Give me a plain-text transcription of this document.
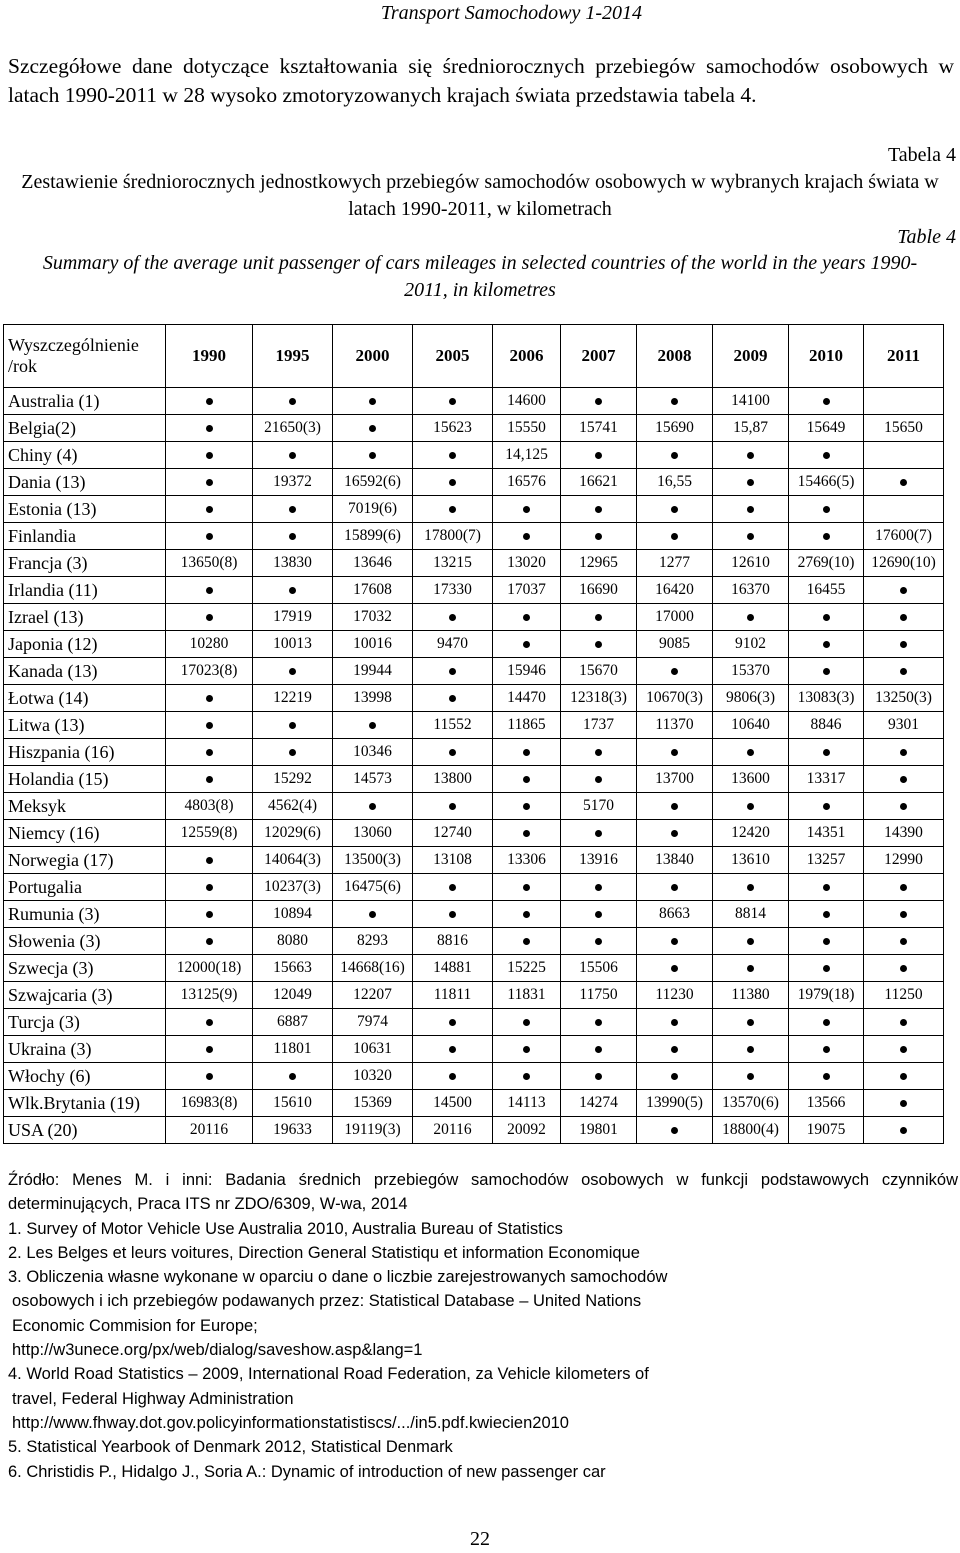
Transport Samochodowy 1-2014
Szczegółowe dane dotyczące kształtowania się średniorocznych przebiegów samochodów osobowych w latach 1990-2011 w 28 wysoko zmotoryzowanych krajach świata przedstawia tabela 4.
Tabela 4
Zestawienie średniorocznych jednostkowych przebiegów samochodów osobowych w wybranych krajach świata w latach 1990-2011, w kilometrach
Table 4
Summary of the average unit passenger of cars mileages in selected countries of the world in the years 1990-2011, in kilometres
Wyszczególnienie /rok	1990	1995	2000	2005	2006	2007	2008	2009	2010	2011
Australia (1)					14600			14100		
Belgia(2)		21650(3)		15623	15550	15741	15690	15,87	15649	15650
Chiny (4)					14,125					
Dania (13)		19372	16592(6)		16576	16621	16,55		15466(5)	
Estonia (13)			7019(6)							
Finlandia			15899(6)	17800(7)						17600(7)
Francja (3)	13650(8)	13830	13646	13215	13020	12965	1277	12610	2769(10)	12690(10)
Irlandia (11)			17608	17330	17037	16690	16420	16370	16455	
Izrael (13)		17919	17032				17000			
Japonia (12)	10280	10013	10016	9470			9085	9102		
Kanada (13)	17023(8)		19944		15946	15670		15370		
Łotwa (14)		12219	13998		14470	12318(3)	10670(3)	9806(3)	13083(3)	13250(3)
Litwa (13)				11552	11865	1737	11370	10640	8846	9301
Hiszpania (16)			10346							
Holandia (15)		15292	14573	13800			13700	13600	13317	
Meksyk	4803(8)	4562(4)				5170				
Niemcy (16)	12559(8)	12029(6)	13060	12740				12420	14351	14390
Norwegia (17)		14064(3)	13500(3)	13108	13306	13916	13840	13610	13257	12990
Portugalia		10237(3)	16475(6)							
Rumunia (3)		10894					8663	8814		
Słowenia (3)		8080	8293	8816						
Szwecja (3)	12000(18)	15663	14668(16)	14881	15225	15506				
Szwajcaria (3)	13125(9)	12049	12207	11811	11831	11750	11230	11380	1979(18)	11250
Turcja (3)		6887	7974							
Ukraina (3)		11801	10631							
Włochy (6)			10320							
Wlk.Brytania (19)	16983(8)	15610	15369	14500	14113	14274	13990(5)	13570(6)	13566	
USA (20)	20116	19633	19119(3)	20116	20092	19801		18800(4)	19075	
Źródło: Menes M. i inni: Badania średnich przebiegów samochodów osobowych w funkcji podstawowych czynników determinujących, Praca ITS nr ZDO/6309, W-wa, 2014
1. Survey of Motor Vehicle Use Australia 2010, Australia Bureau of Statistics
2. Les Belges et leurs voitures, Direction General Statistiqu et information Economique
3. Obliczenia własne wykonane w oparciu o dane o liczbie zarejestrowanych samochodów
osobowych i ich przebiegów podawanych przez: Statistical Database – United Nations
Economic Commision for Europe;
http://w3unece.org/px/web/dialog/saveshow.asp&lang=1
4. World Road Statistics – 2009, International Road Federation, za Vehicle kilometers of
travel, Federal Highway Administration
http://www.fhway.dot.gov.policyinformationstatistiscs/.../in5.pdf.kwiecien2010
5. Statistical Yearbook of Denmark 2012, Statistical Denmark
6. Christidis P., Hidalgo J., Soria A.: Dynamic of introduction of new passenger car
22
